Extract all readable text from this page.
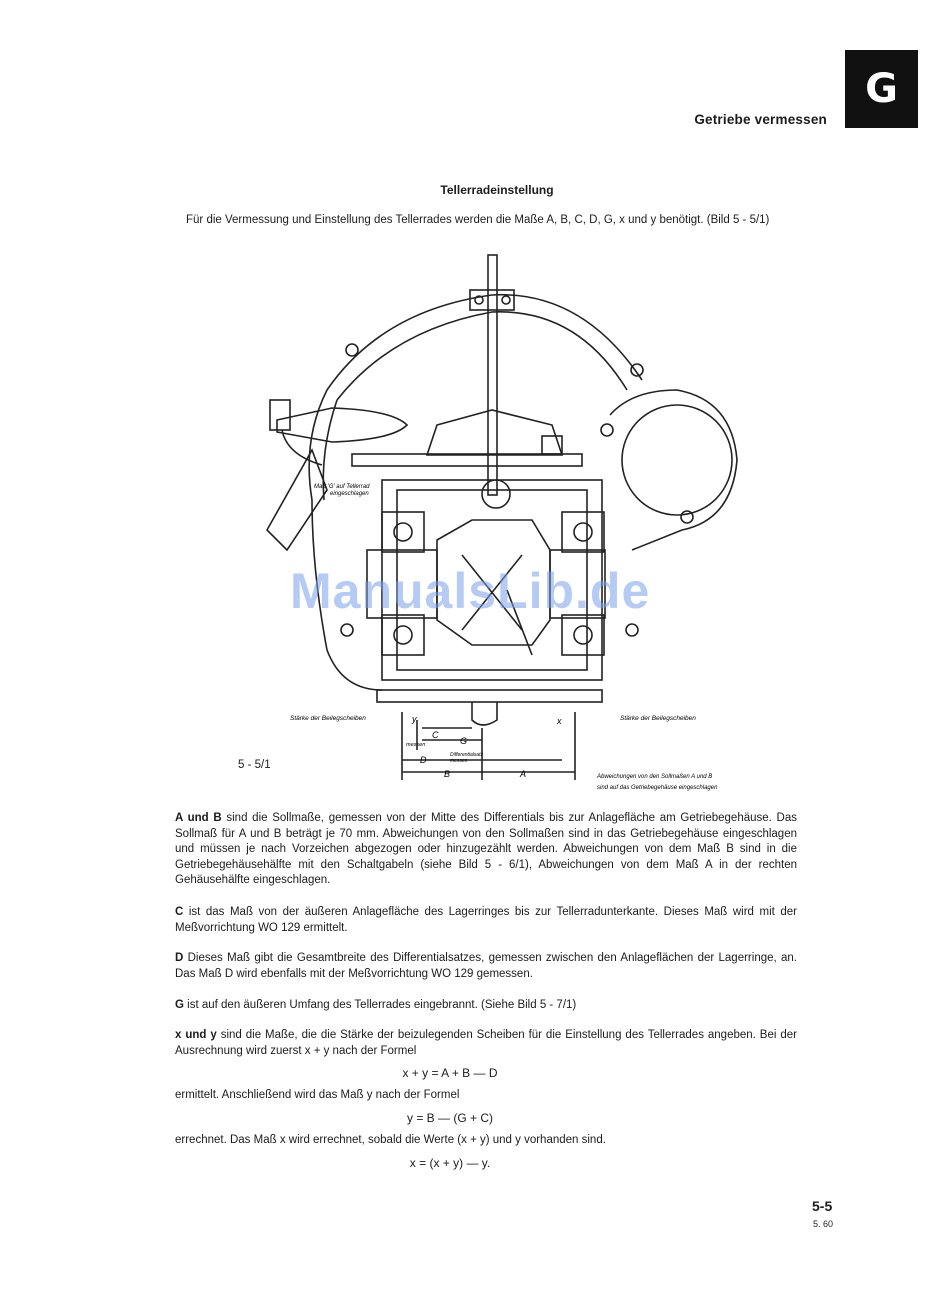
G
Getriebe vermessen
Tellerradeinstellung
Für die Vermessung und Einstellung des Tellerrades werden die Maße A, B, C, D, G, x und y benötigt. (Bild 5 - 5/1)
Maß 'G' auf Tellerrad
eingeschlagen
Stärke der Beilegscheiben	Stärke der Beilegscheiben
y	x
C
messen	G
D	Differentialsatz
messen
B	A	Abweichungen von den Sollmaßen A und B
sind auf das Getriebegehäuse eingeschlagen
ManualsLib.de
5 - 5/1
A und B sind die Sollmaße, gemessen von der Mitte des Differentials bis zur Anlagefläche am Getriebegehäuse. Das Sollmaß für A und B beträgt je 70 mm. Abweichungen von den Sollmaßen sind in das Getriebegehäuse eingeschlagen und müssen je nach Vorzeichen abgezogen oder hinzugezählt werden. Abweichungen von dem Maß B sind in die Getriebegehäusehälfte mit den Schaltgabeln (siehe Bild 5 - 6/1), Abweichungen von dem Maß A in der rechten Gehäusehälfte eingeschlagen.
C ist das Maß von der äußeren Anlagefläche des Lagerringes bis zur Tellerradunterkante. Dieses Maß wird mit der Meßvorrichtung WO 129 ermittelt.
D Dieses Maß gibt die Gesamtbreite des Differentialsatzes, gemessen zwischen den Anlageflächen der Lagerringe, an. Das Maß D wird ebenfalls mit der Meßvorrichtung WO 129 gemessen.
G ist auf den äußeren Umfang des Tellerrades eingebrannt. (Siehe Bild 5 - 7/1)
x und y sind die Maße, die die Stärke der beizulegenden Scheiben für die Einstellung des Tellerrades angeben. Bei der Ausrechnung wird zuerst x + y nach der Formel
x + y = A + B — D
ermittelt. Anschließend wird das Maß y nach der Formel
y = B — (G + C)
errechnet. Das Maß x wird errechnet, sobald die Werte (x + y) und y vorhanden sind.
x = (x + y) — y.
5-5
5. 60
